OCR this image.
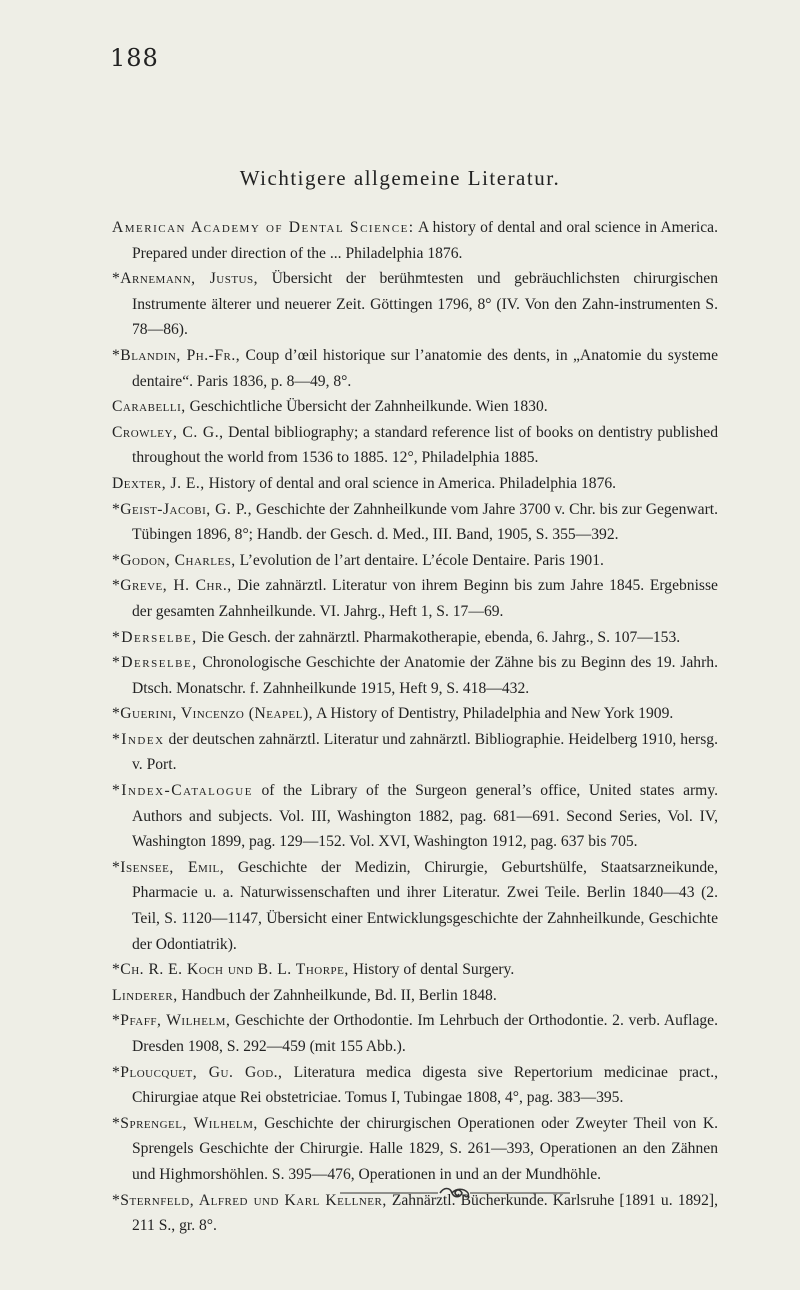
188
Wichtigere allgemeine Literatur.
American Academy of Dental Science: A history of dental and oral science in America. Prepared under direction of the ... Philadelphia 1876.
*Arnemann, Justus, Übersicht der berühmtesten und gebräuchlichsten chirurgischen Instrumente älterer und neuerer Zeit. Göttingen 1796, 8° (IV. Von den Zahn-instrumenten S. 78—86).
*Blandin, Ph.-Fr., Coup d’œil historique sur l’anatomie des dents, in „Anatomie du systeme dentaire“. Paris 1836, p. 8—49, 8°.
Carabelli, Geschichtliche Übersicht der Zahnheilkunde. Wien 1830.
Crowley, C. G., Dental bibliography; a standard reference list of books on dentistry published throughout the world from 1536 to 1885. 12°, Philadelphia 1885.
Dexter, J. E., History of dental and oral science in America. Philadelphia 1876.
*Geist-Jacobi, G. P., Geschichte der Zahnheilkunde vom Jahre 3700 v. Chr. bis zur Gegenwart. Tübingen 1896, 8°; Handb. der Gesch. d. Med., III. Band, 1905, S. 355—392.
*Godon, Charles, L’evolution de l’art dentaire. L’école Dentaire. Paris 1901.
*Greve, H. Chr., Die zahnärztl. Literatur von ihrem Beginn bis zum Jahre 1845. Ergebnisse der gesamten Zahnheilkunde. VI. Jahrg., Heft 1, S. 17—69.
*Derselbe, Die Gesch. der zahnärztl. Pharmakotherapie, ebenda, 6. Jahrg., S. 107—153.
*Derselbe, Chronologische Geschichte der Anatomie der Zähne bis zu Beginn des 19. Jahrh. Dtsch. Monatschr. f. Zahnheilkunde 1915, Heft 9, S. 418—432.
*Guerini, Vincenzo (Neapel), A History of Dentistry, Philadelphia and New York 1909.
*Index der deutschen zahnärztl. Literatur und zahnärztl. Bibliographie. Heidelberg 1910, hersg. v. Port.
*Index-Catalogue of the Library of the Surgeon general’s office, United states army. Authors and subjects. Vol. III, Washington 1882, pag. 681—691. Second Series, Vol. IV, Washington 1899, pag. 129—152. Vol. XVI, Washington 1912, pag. 637 bis 705.
*Isensee, Emil, Geschichte der Medizin, Chirurgie, Geburtshülfe, Staatsarzneikunde, Pharmacie u. a. Naturwissenschaften und ihrer Literatur. Zwei Teile. Berlin 1840—43 (2. Teil, S. 1120—1147, Übersicht einer Entwicklungsgeschichte der Zahnheilkunde, Geschichte der Odontiatrik).
*Ch. R. E. Koch und B. L. Thorpe, History of dental Surgery.
Linderer, Handbuch der Zahnheilkunde, Bd. II, Berlin 1848.
*Pfaff, Wilhelm, Geschichte der Orthodontie. Im Lehrbuch der Orthodontie. 2. verb. Auflage. Dresden 1908, S. 292—459 (mit 155 Abb.).
*Ploucquet, Gu. God., Literatura medica digesta sive Repertorium medicinae pract., Chirurgiae atque Rei obstetriciae. Tomus I, Tubingae 1808, 4°, pag. 383—395.
*Sprengel, Wilhelm, Geschichte der chirurgischen Operationen oder Zweyter Theil von K. Sprengels Geschichte der Chirurgie. Halle 1829, S. 261—393, Operationen an den Zähnen und Highmorshöhlen. S. 395—476, Operationen in und an der Mundhöhle.
*Sternfeld, Alfred und Karl Kellner, Zahnärztl. Bücherkunde. Karlsruhe [1891 u. 1892], 211 S., gr. 8°.
